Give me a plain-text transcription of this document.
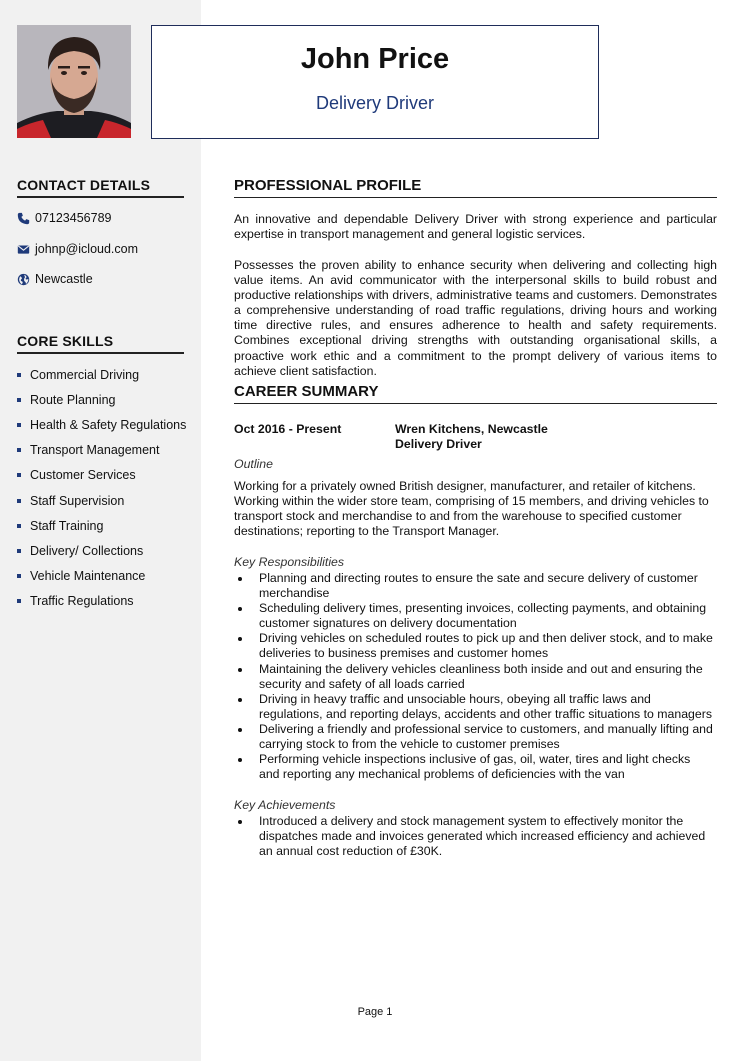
John Price
Delivery Driver
CONTACT DETAILS
07123456789
johnp@icloud.com
Newcastle
CORE SKILLS
Commercial Driving
Route Planning
Health & Safety Regulations
Transport Management
Customer Services
Staff Supervision
Staff Training
Delivery/ Collections
Vehicle Maintenance
Traffic Regulations
PROFESSIONAL PROFILE

An innovative and dependable Delivery Driver with strong experience and particular expertise in transport management and general logistic services.

Possesses the proven ability to enhance security when delivering and collecting high value items. An avid communicator with the interpersonal skills to build robust and productive relationships with drivers, administrative teams and customers. Demonstrates a comprehensive understanding of road traffic regulations, driving hours and working time directive rules, and ensures adherence to health and safety requirements. Combines exceptional driving strengths with outstanding organisational skills, a proactive work ethic and a commitment to the prompt delivery of various items to achieve client satisfaction.

CAREER SUMMARY
Oct 2016 - Present	Wren Kitchens, Newcastle
Delivery Driver
Outline

Working for a privately owned British designer, manufacturer, and retailer of kitchens. Working within the wider store team, comprising of 15 members, and driving vehicles to transport stock and merchandise to and from the warehouse to specified customer destinations; reporting to the Transport Manager.

Key Responsibilities
Planning and directing routes to ensure the sate and secure delivery of customer merchandise
Scheduling delivery times, presenting invoices, collecting payments, and obtaining customer signatures on delivery documentation
Driving vehicles on scheduled routes to pick up and then deliver stock, and to make deliveries to business premises and customer homes
Maintaining the delivery vehicles cleanliness both inside and out and ensuring the security and safety of all loads carried
Driving in heavy traffic and unsociable hours, obeying all traffic laws and regulations, and reporting delays, accidents and other traffic situations to managers
Delivering a friendly and professional service to customers, and manually lifting and carrying stock to from the vehicle to customer premises
Performing vehicle inspections inclusive of gas, oil, water, tires and light checks and reporting any mechanical problems of deficiencies with the van
Key Achievements
Introduced a delivery and stock management system to effectively monitor the dispatches made and invoices generated which increased efficiency and achieved an annual cost reduction of £30K.
Page 1
